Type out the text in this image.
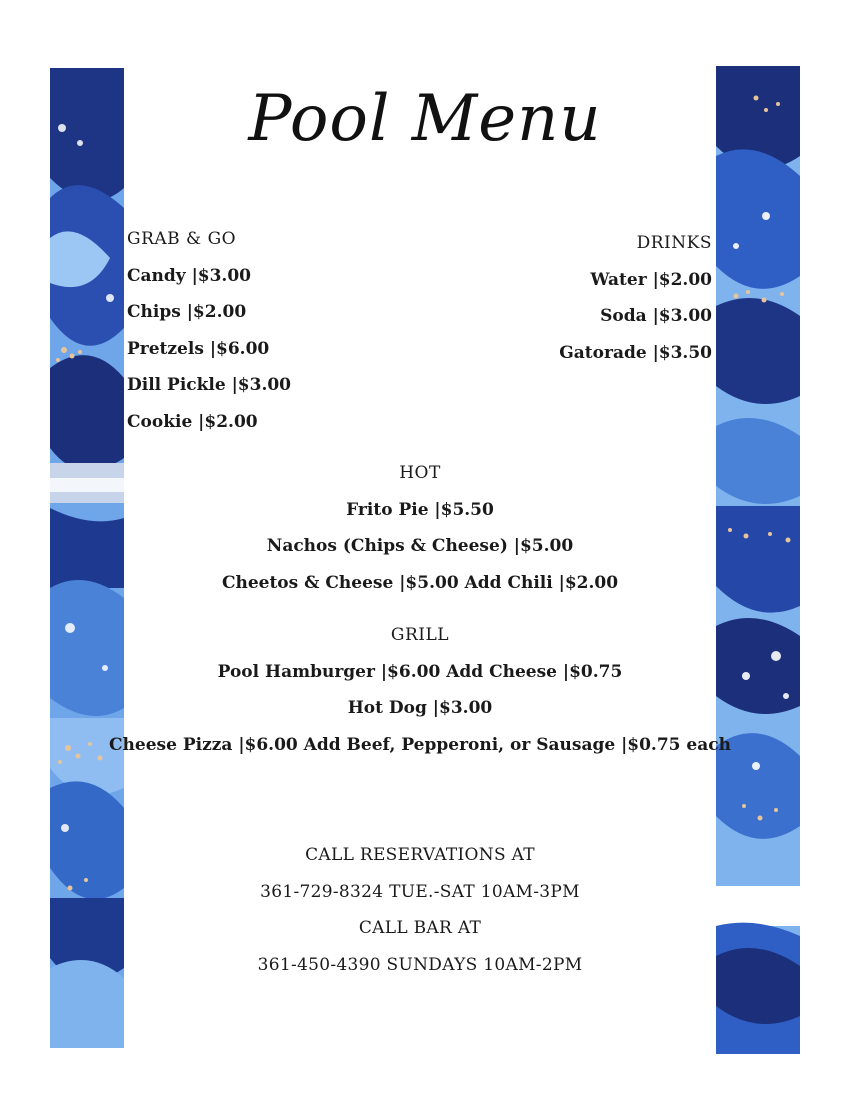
Pool Menu
GRAB & GO
Candy |$3.00
Chips |$2.00
Pretzels |$6.00
Dill Pickle |$3.00
Cookie |$2.00
DRINKS
Water |$2.00
Soda |$3.00
Gatorade |$3.50
HOT
Frito Pie |$5.50
Nachos (Chips & Cheese) |$5.00
Cheetos & Cheese |$5.00 Add Chili |$2.00
GRILL
Pool Hamburger |$6.00 Add Cheese |$0.75
Hot Dog |$3.00
Cheese Pizza |$6.00 Add Beef, Pepperoni, or Sausage |$0.75 each
CALL RESERVATIONS AT
361-729-8324 TUE.-SAT 10AM-3PM
CALL BAR AT
361-450-4390 SUNDAYS 10AM-2PM
